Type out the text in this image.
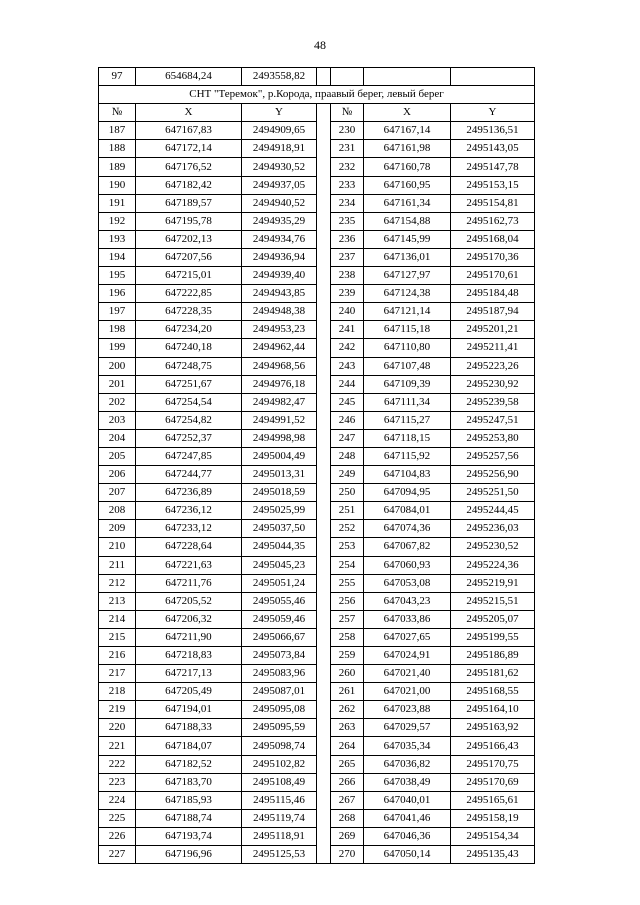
48
97	654684,24	2493558,82				
СНТ "Теремок", р.Корода, праавый берег, левый берег						
№	X	Y		№	X	Y
187	647167,83	2494909,65		230	647167,14	2495136,51
188	647172,14	2494918,91		231	647161,98	2495143,05
189	647176,52	2494930,52		232	647160,78	2495147,78
190	647182,42	2494937,05		233	647160,95	2495153,15
191	647189,57	2494940,52		234	647161,34	2495154,81
192	647195,78	2494935,29		235	647154,88	2495162,73
193	647202,13	2494934,76		236	647145,99	2495168,04
194	647207,56	2494936,94		237	647136,01	2495170,36
195	647215,01	2494939,40		238	647127,97	2495170,61
196	647222,85	2494943,85		239	647124,38	2495184,48
197	647228,35	2494948,38		240	647121,14	2495187,94
198	647234,20	2494953,23		241	647115,18	2495201,21
199	647240,18	2494962,44		242	647110,80	2495211,41
200	647248,75	2494968,56		243	647107,48	2495223,26
201	647251,67	2494976,18		244	647109,39	2495230,92
202	647254,54	2494982,47		245	647111,34	2495239,58
203	647254,82	2494991,52		246	647115,27	2495247,51
204	647252,37	2494998,98		247	647118,15	2495253,80
205	647247,85	2495004,49		248	647115,92	2495257,56
206	647244,77	2495013,31		249	647104,83	2495256,90
207	647236,89	2495018,59		250	647094,95	2495251,50
208	647236,12	2495025,99		251	647084,01	2495244,45
209	647233,12	2495037,50		252	647074,36	2495236,03
210	647228,64	2495044,35		253	647067,82	2495230,52
211	647221,63	2495045,23		254	647060,93	2495224,36
212	647211,76	2495051,24		255	647053,08	2495219,91
213	647205,52	2495055,46		256	647043,23	2495215,51
214	647206,32	2495059,46		257	647033,86	2495205,07
215	647211,90	2495066,67		258	647027,65	2495199,55
216	647218,83	2495073,84		259	647024,91	2495186,89
217	647217,13	2495083,96		260	647021,40	2495181,62
218	647205,49	2495087,01		261	647021,00	2495168,55
219	647194,01	2495095,08		262	647023,88	2495164,10
220	647188,33	2495095,59		263	647029,57	2495163,92
221	647184,07	2495098,74		264	647035,34	2495166,43
222	647182,52	2495102,82		265	647036,82	2495170,75
223	647183,70	2495108,49		266	647038,49	2495170,69
224	647185,93	2495115,46		267	647040,01	2495165,61
225	647188,74	2495119,74		268	647041,46	2495158,19
226	647193,74	2495118,91		269	647046,36	2495154,34
227	647196,96	2495125,53		270	647050,14	2495135,43
